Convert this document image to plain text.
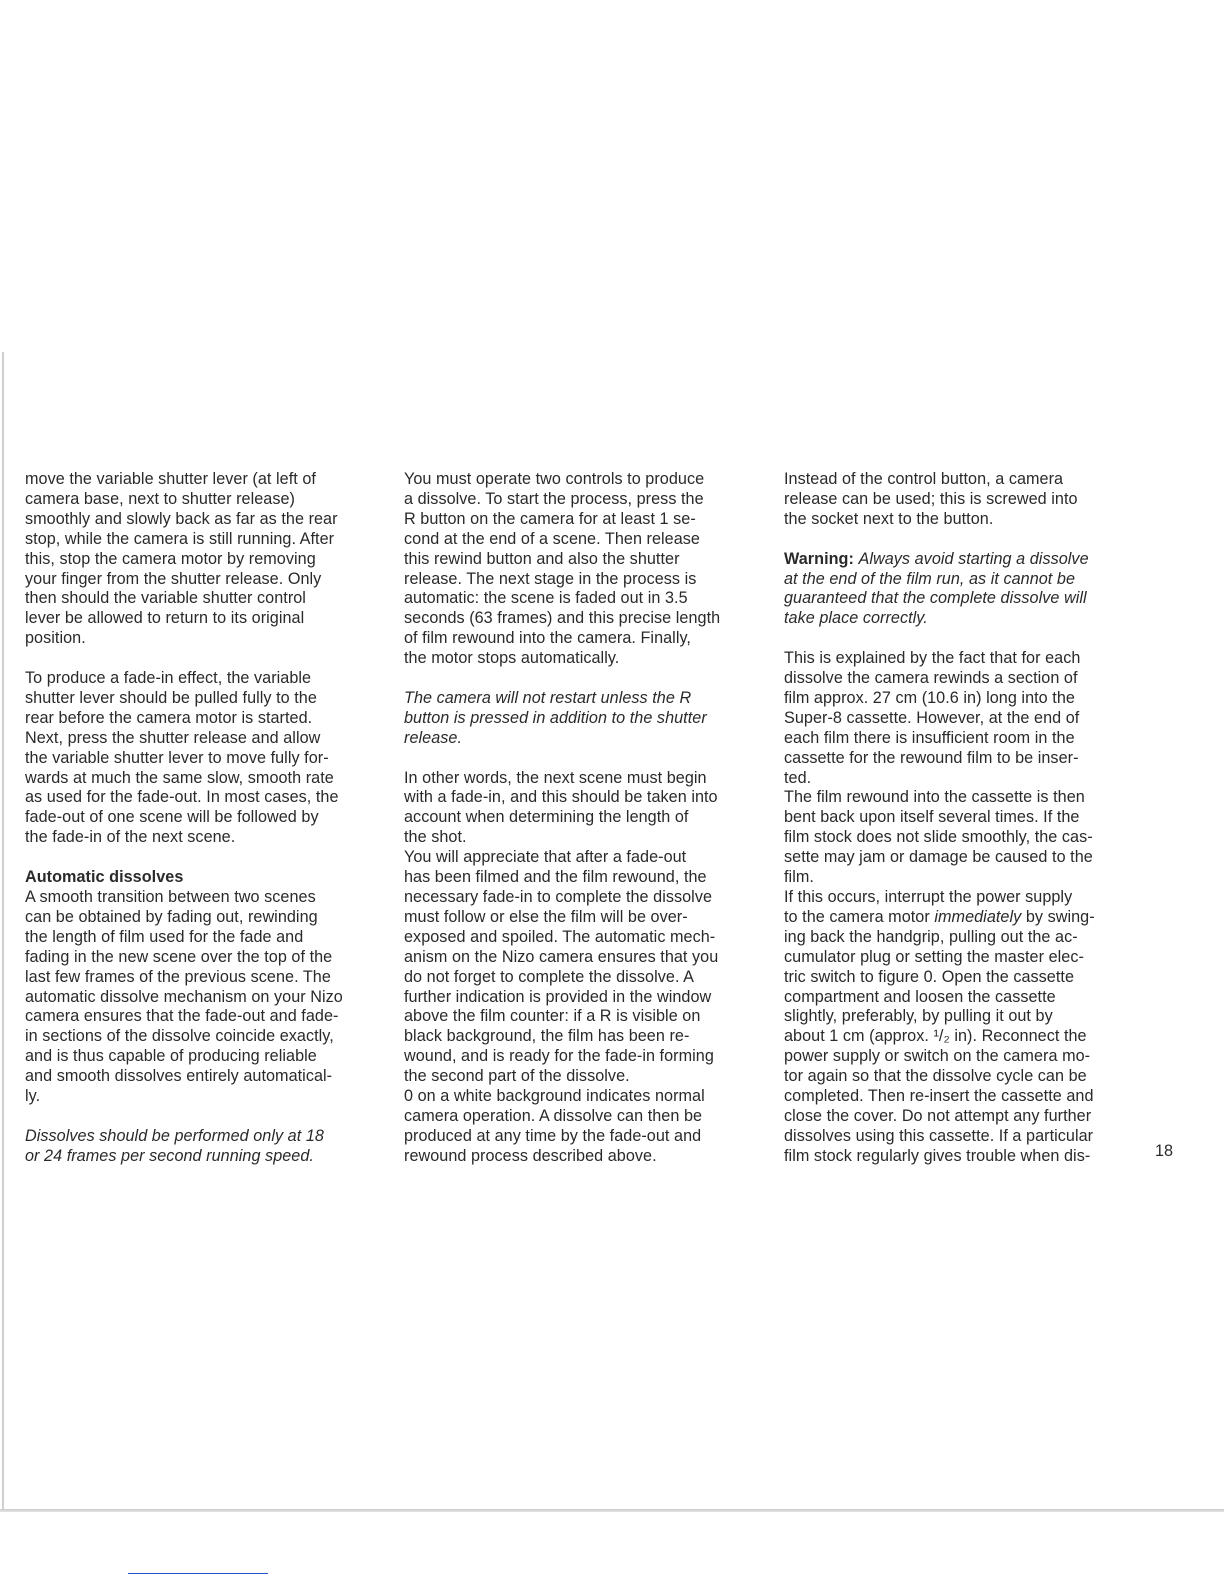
move the variable shutter lever (at left of

camera base, next to shutter release)

smoothly and slowly back as far as the rear

stop, while the camera is still running. After

this, stop the camera motor by removing

your finger from the shutter release. Only

then should the variable shutter control

lever be allowed to return to its original

position.

To produce a fade-in effect, the variable

shutter lever should be pulled fully to the

rear before the camera motor is started.

Next, press the shutter release and allow

the variable shutter lever to move fully for-

wards at much the same slow, smooth rate

as used for the fade-out. In most cases, the

fade-out of one scene will be followed by

the fade-in of the next scene.

Automatic dissolves

A smooth transition between two scenes

can be obtained by fading out, rewinding

the length of film used for the fade and

fading in the new scene over the top of the

last few frames of the previous scene. The

automatic dissolve mechanism on your Nizo

camera ensures that the fade-out and fade-

in sections of the dissolve coincide exactly,

and is thus capable of producing reliable

and smooth dissolves entirely automatical-

ly.

Dissolves should be performed only at 18

or 24 frames per second running speed.

You must operate two controls to produce

a dissolve. To start the process, press the

R button on the camera for at least 1 se-

cond at the end of a scene. Then release

this rewind button and also the shutter

release. The next stage in the process is

automatic: the scene is faded out in 3.5

seconds (63 frames) and this precise length

of film rewound into the camera. Finally,

the motor stops automatically.

The camera will not restart unless the R

button is pressed in addition to the shutter

release.

In other words, the next scene must begin

with a fade-in, and this should be taken into

account when determining the length of

the shot.

You will appreciate that after a fade-out

has been filmed and the film rewound, the

necessary fade-in to complete the dissolve

must follow or else the film will be over-

exposed and spoiled. The automatic mech-

anism on the Nizo camera ensures that you

do not forget to complete the dissolve. A

further indication is provided in the window

above the film counter: if a R is visible on

black background, the film has been re-

wound, and is ready for the fade-in forming

the second part of the dissolve.

0 on a white background indicates normal

camera operation. A dissolve can then be

produced at any time by the fade-out and

rewound process described above.

Instead of the control button, a camera

release can be used; this is screwed into

the socket next to the button.

Warning: Always avoid starting a dissolve

at the end of the film run, as it cannot be

guaranteed that the complete dissolve will

take place correctly.

This is explained by the fact that for each

dissolve the camera rewinds a section of

film approx. 27 cm (10.6 in) long into the

Super-8 cassette. However, at the end of

each film there is insufficient room in the

cassette for the rewound film to be inser-

ted.

The film rewound into the cassette is then

bent back upon itself several times. If the

film stock does not slide smoothly, the cas-

sette may jam or damage be caused to the

film.

If this occurs, interrupt the power supply

to the camera motor immediately by swing-

ing back the handgrip, pulling out the ac-

cumulator plug or setting the master elec-

tric switch to figure 0. Open the cassette

compartment and loosen the cassette

slightly, preferably, by pulling it out by

about 1 cm (approx. ¹/₂ in). Reconnect the

power supply or switch on the camera mo-

tor again so that the dissolve cycle can be

completed. Then re-insert the cassette and

close the cover. Do not attempt any further

dissolves using this cassette. If a particular

film stock regularly gives trouble when dis-	18
